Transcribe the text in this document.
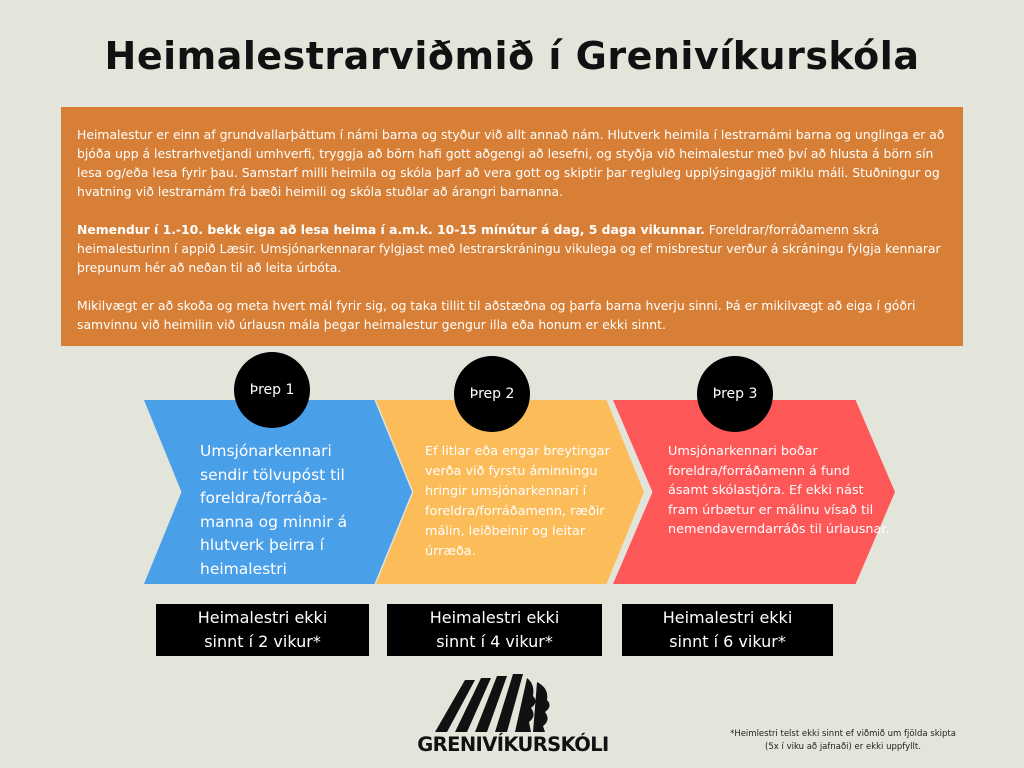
Heimalestrarviðmið í Grenivíkurskóla

Heimalestur er einn af grundvallarþáttum í námi barna og styður við allt annað nám. Hlutverk heimila í lestrarnámi barna og unglinga er að bjóða upp á lestrarhvetjandi umhverfi, tryggja að börn hafi gott aðgengi að lesefni, og styðja við heimalestur með því að hlusta á börn sín lesa og/eða lesa fyrir þau. Samstarf milli heimila og skóla þarf að vera gott og skiptir þar regluleg upplýsingagjöf miklu máli. Stuðningur og hvatning við lestrarnám frá bæði heimili og skóla stuðlar að árangri barnanna.

Nemendur í 1.-10. bekk eiga að lesa heima í a.m.k. 10-15 mínútur á dag, 5 daga vikunnar. Foreldrar/forráðamenn skrá heimalesturinn í appið Læsir. Umsjónarkennarar fylgjast með lestrarskráningu vikulega og ef misbrestur verður á skráningu fylgja kennarar þrepunum hér að neðan til að leita úrbóta.

Mikilvægt er að skoða og meta hvert mál fyrir sig, og taka tillit til aðstæðna og þarfa barna hverju sinni. Þá er mikilvægt að eiga í góðri samvinnu við heimilin við úrlausn mála þegar heimalestur gengur illa eða honum er ekki sinnt.

Umsjónarkennari sendir tölvupóst til foreldra/forráða-manna og minnir á hlutverk þeirra í heimalestri
Ef litlar eða engar breytingar verða við fyrstu áminningu hringir umsjónarkennari í foreldra/forráðamenn, ræðir málin, leiðbeinir og leitar úrræða.
Umsjónarkennari boðar foreldra/forráðamenn á fund ásamt skólastjóra. Ef ekki nást fram úrbætur er málinu vísað til nemendaverndarráðs til úrlausnar.
Þrep 1	Þrep 2	Þrep 3
Heimalestri ekki
sinnt í 2 vikur*
Heimalestri ekki
sinnt í 4 vikur*
Heimalestri ekki
sinnt í 6 vikur*
GRENIVÍKURSKÓLI	*Heimlestri telst ekki sinnt ef viðmið um fjölda skipta (5x í viku að jafnaði) er ekki uppfyllt.
